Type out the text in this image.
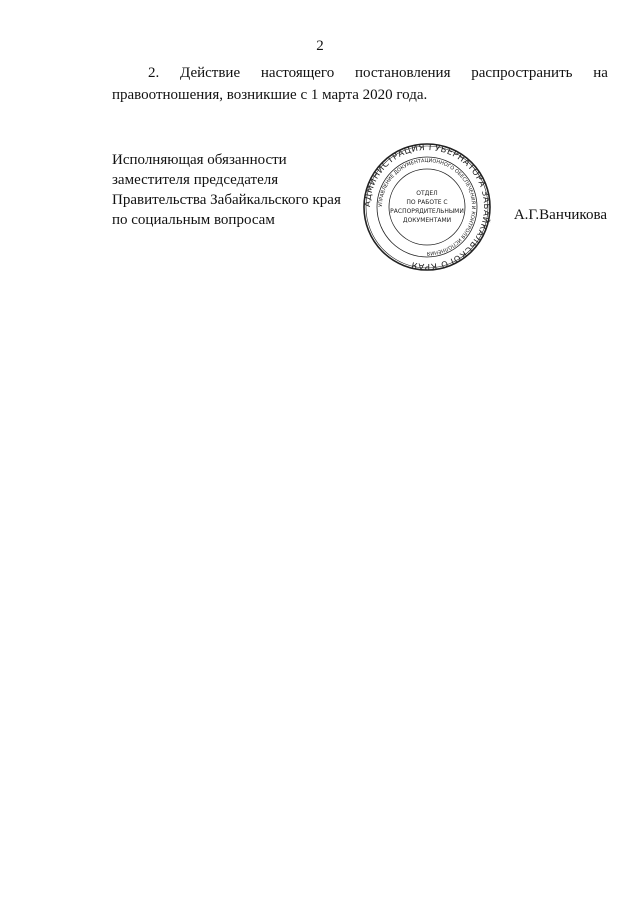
2
2. Действие настоящего постановления распространить на
правоотношения, возникшие с 1 марта 2020 года.
Исполняющая обязанности
заместителя председателя
Правительства Забайкальского края
по социальным вопросам
АДМИНИСТРАЦИЯ ГУБЕРНАТОРА ЗАБАЙКАЛЬСКОГО КРАЯ
УПРАВЛЕНИЕ ДОКУМЕНТАЦИОННОГО ОБЕСПЕЧЕНИЯ И КОНТРОЛЯ ИСПОЛНЕНИЯ
ОТДЕЛ
ПО РАБОТЕ С
РАСПОРЯДИТЕЛЬНЫМИ
ДОКУМЕНТАМИ	А.Г.Ванчикова
